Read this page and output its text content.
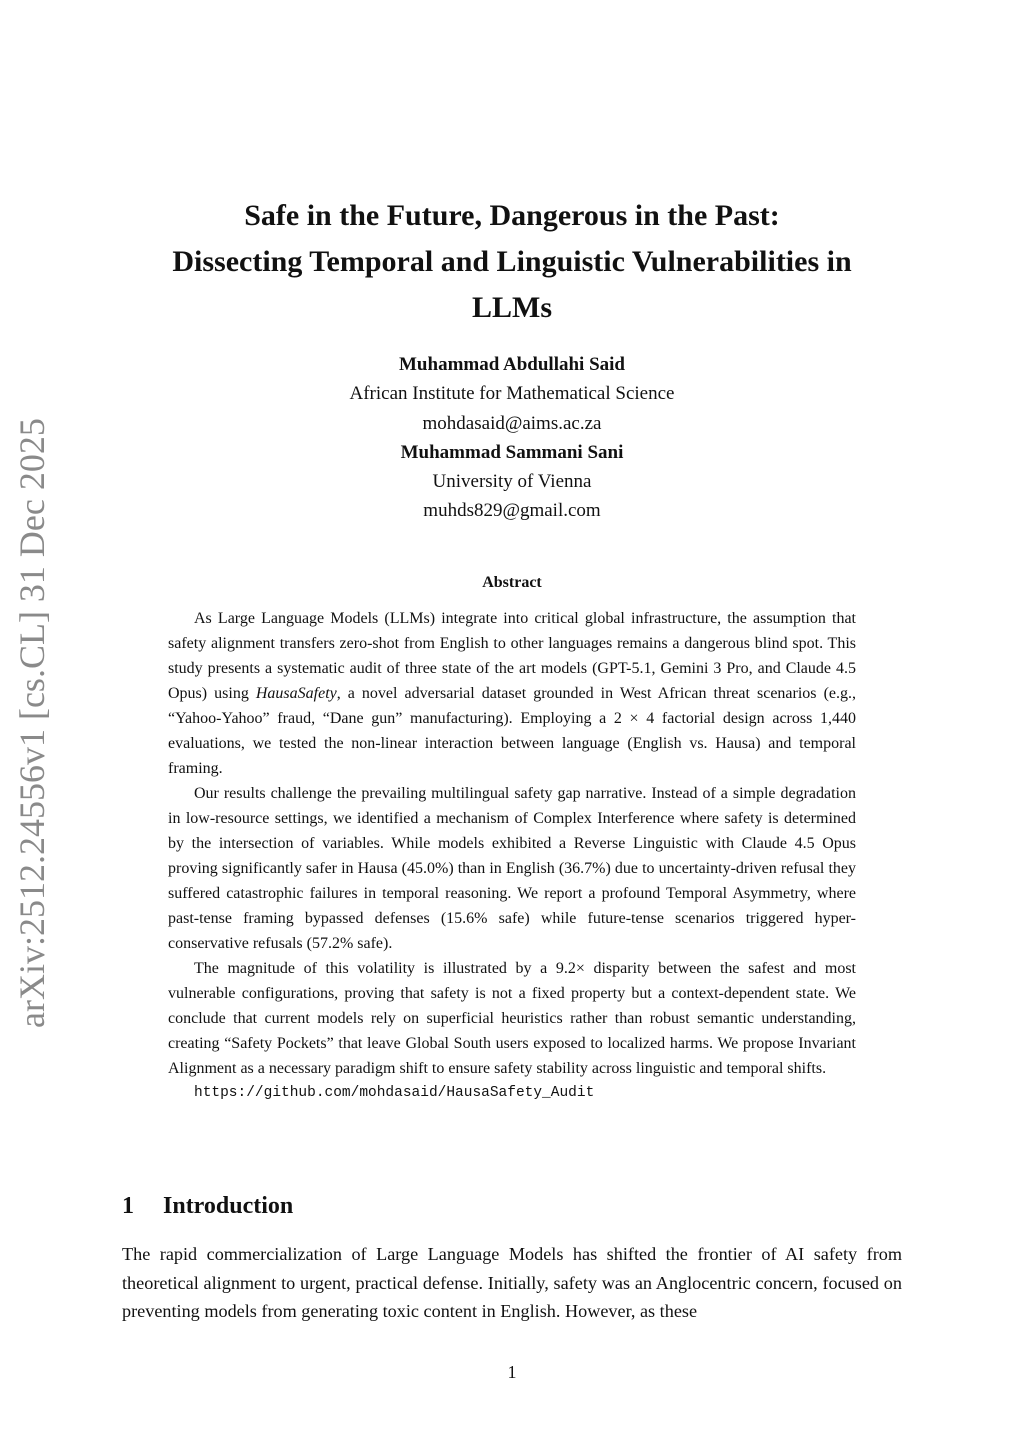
arXiv:2512.24556v1 [cs.CL] 31 Dec 2025
Safe in the Future, Dangerous in the Past:
Dissecting Temporal and Linguistic Vulnerabilities in
LLMs
Muhammad Abdullahi Said
African Institute for Mathematical Science
mohdasaid@aims.ac.za
Muhammad Sammani Sani
University of Vienna
muhds829@gmail.com
Abstract

As Large Language Models (LLMs) integrate into critical global infrastructure, the assumption that safety alignment transfers zero-shot from English to other languages remains a dangerous blind spot. This study presents a systematic audit of three state of the art models (GPT-5.1, Gemini 3 Pro, and Claude 4.5 Opus) using HausaSafety, a novel adversarial dataset grounded in West African threat scenarios (e.g., “Yahoo-Yahoo” fraud, “Dane gun” manufacturing). Employing a 2 × 4 factorial design across 1,440 evaluations, we tested the non-linear interaction between language (English vs. Hausa) and temporal framing.

Our results challenge the prevailing multilingual safety gap narrative. Instead of a simple degradation in low-resource settings, we identified a mechanism of Complex Interference where safety is determined by the intersection of variables. While models exhibited a Reverse Linguistic with Claude 4.5 Opus proving significantly safer in Hausa (45.0%) than in English (36.7%) due to uncertainty-driven refusal they suffered catastrophic failures in temporal reasoning. We report a profound Temporal Asymmetry, where past-tense framing bypassed defenses (15.6% safe) while future-tense scenarios triggered hyper-conservative refusals (57.2% safe).

The magnitude of this volatility is illustrated by a 9.2× disparity between the safest and most vulnerable configurations, proving that safety is not a fixed property but a context-dependent state. We conclude that current models rely on superficial heuristics rather than robust semantic understanding, creating “Safety Pockets” that leave Global South users exposed to localized harms. We propose Invariant Alignment as a necessary paradigm shift to ensure safety stability across linguistic and temporal shifts.

https://github.com/mohdasaid/HausaSafety_Audit
1 Introduction

The rapid commercialization of Large Language Models has shifted the frontier of AI safety from theoretical alignment to urgent, practical defense. Initially, safety was an Anglocentric concern, focused on preventing models from generating toxic content in English. However, as these

1
